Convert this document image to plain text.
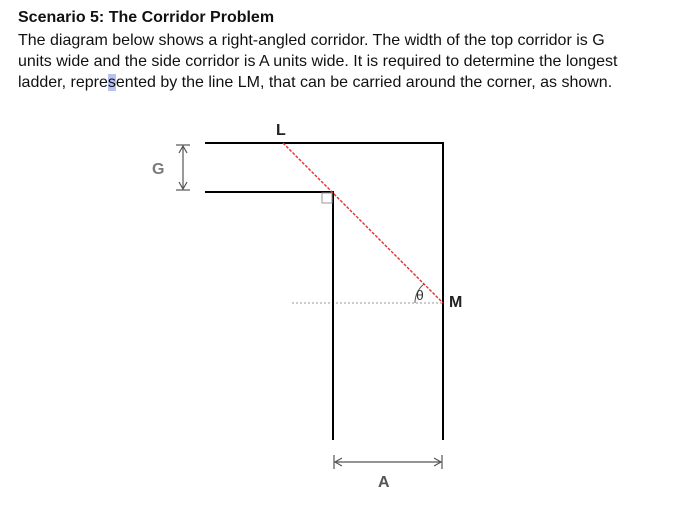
Scenario 5: The Corridor Problem
The diagram below shows a right-angled corridor. The width of the top corridor is G
units wide and the side corridor is A units wide. It is required to determine the longest
ladder, represented by the line LM, that can be carried around the corner, as shown.
θ
L
M
G
A
